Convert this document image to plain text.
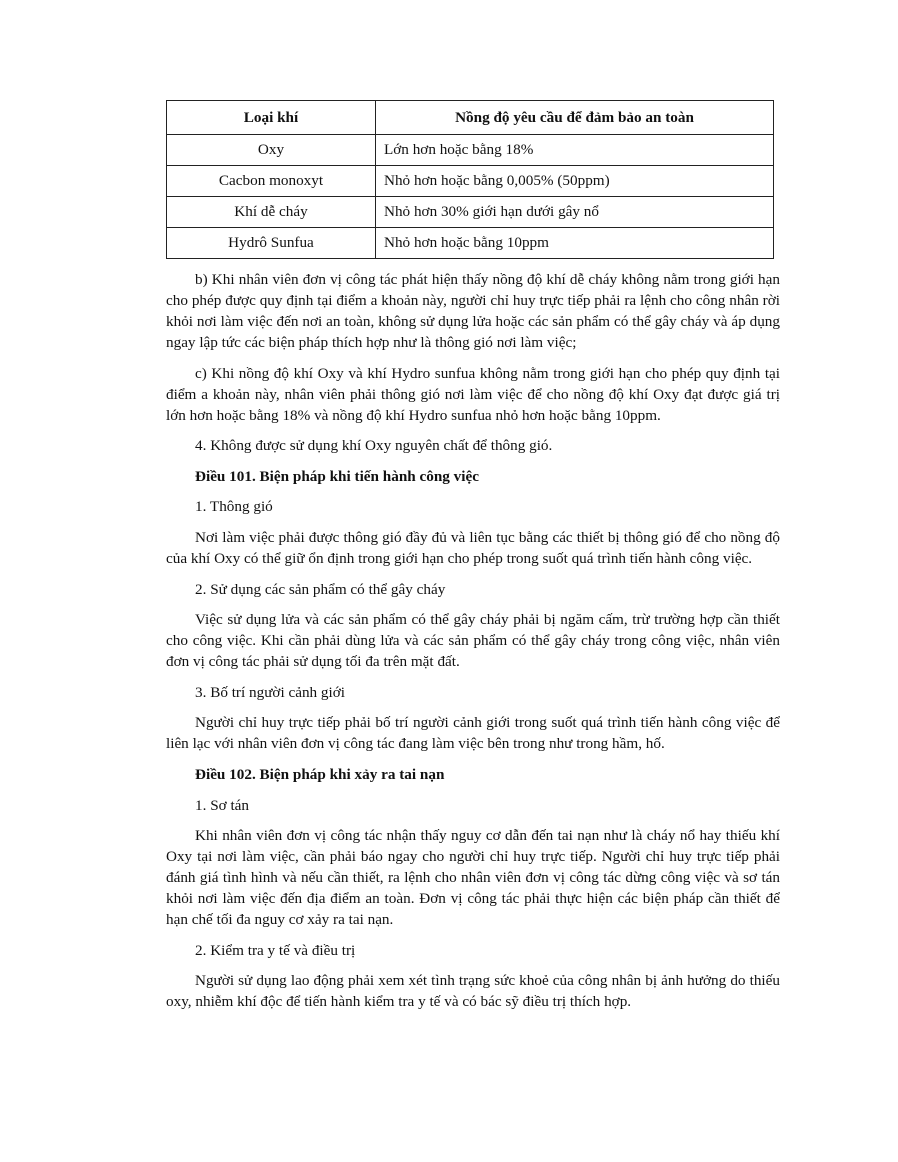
Loại khí	Nồng độ yêu cầu để đảm bảo an toàn
Oxy	Lớn hơn hoặc bằng 18%
Cacbon monoxyt	Nhỏ hơn hoặc bằng 0,005% (50ppm)
Khí dễ cháy	Nhỏ hơn 30% giới hạn dưới gây nổ
Hydrô Sunfua	Nhỏ hơn hoặc bằng 10ppm

b) Khi nhân viên đơn vị công tác phát hiện thấy nồng độ khí dễ cháy không nằm trong giới hạn cho phép được quy định tại điểm a khoản này, người chỉ huy trực tiếp phải ra lệnh cho công nhân rời khỏi nơi làm việc đến nơi an toàn, không sử dụng lửa hoặc các sản phẩm có thể gây cháy và áp dụng ngay lập tức các biện pháp thích hợp như là thông gió nơi làm việc;

c) Khi nồng độ khí Oxy và khí Hydro sunfua không nằm trong giới hạn cho phép quy định tại điểm a khoản này, nhân viên phải thông gió nơi làm việc để cho nồng độ khí Oxy đạt được giá trị lớn hơn hoặc bằng 18% và nồng độ khí Hydro sunfua nhỏ hơn hoặc bằng 10ppm.

4. Không được sử dụng khí Oxy nguyên chất để thông gió.

Điều 101. Biện pháp khi tiến hành công việc

1. Thông gió

Nơi làm việc phải được thông gió đầy đủ và liên tục bằng các thiết bị thông gió để cho nồng độ của khí Oxy có thể giữ ổn định trong giới hạn cho phép trong suốt quá trình tiến hành công việc.

2. Sử dụng các sản phẩm có thể gây cháy

Việc sử dụng lửa và các sản phẩm có thể gây cháy phải bị ngăm cấm, trừ trường hợp cần thiết cho công việc. Khi cần phải dùng lửa và các sản phẩm có thể gây cháy trong công việc, nhân viên đơn vị công tác phải sử dụng tối đa trên mặt đất.

3. Bố trí người cảnh giới

Người chỉ huy trực tiếp phải bố trí người cảnh giới trong suốt quá trình tiến hành công việc để liên lạc với nhân viên đơn vị công tác đang làm việc bên trong như trong hầm, hố.

Điều 102. Biện pháp khi xảy ra tai nạn

1. Sơ tán

Khi nhân viên đơn vị công tác nhận thấy nguy cơ dẫn đến tai nạn như là cháy nổ hay thiếu khí Oxy tại nơi làm việc, cần phải báo ngay cho người chỉ huy trực tiếp. Người chỉ huy trực tiếp phải đánh giá tình hình và nếu cần thiết, ra lệnh cho nhân viên đơn vị công tác dừng công việc và sơ tán khỏi nơi làm việc đến địa điểm an toàn. Đơn vị công tác phải thực hiện các biện pháp cần thiết để hạn chế tối đa nguy cơ xảy ra tai nạn.

2. Kiểm tra y tế và điều trị

Người sử dụng lao động phải xem xét tình trạng sức khoẻ của công nhân bị ảnh hưởng do thiếu oxy, nhiễm khí độc để tiến hành kiểm tra y tế và có bác sỹ điều trị thích hợp.
